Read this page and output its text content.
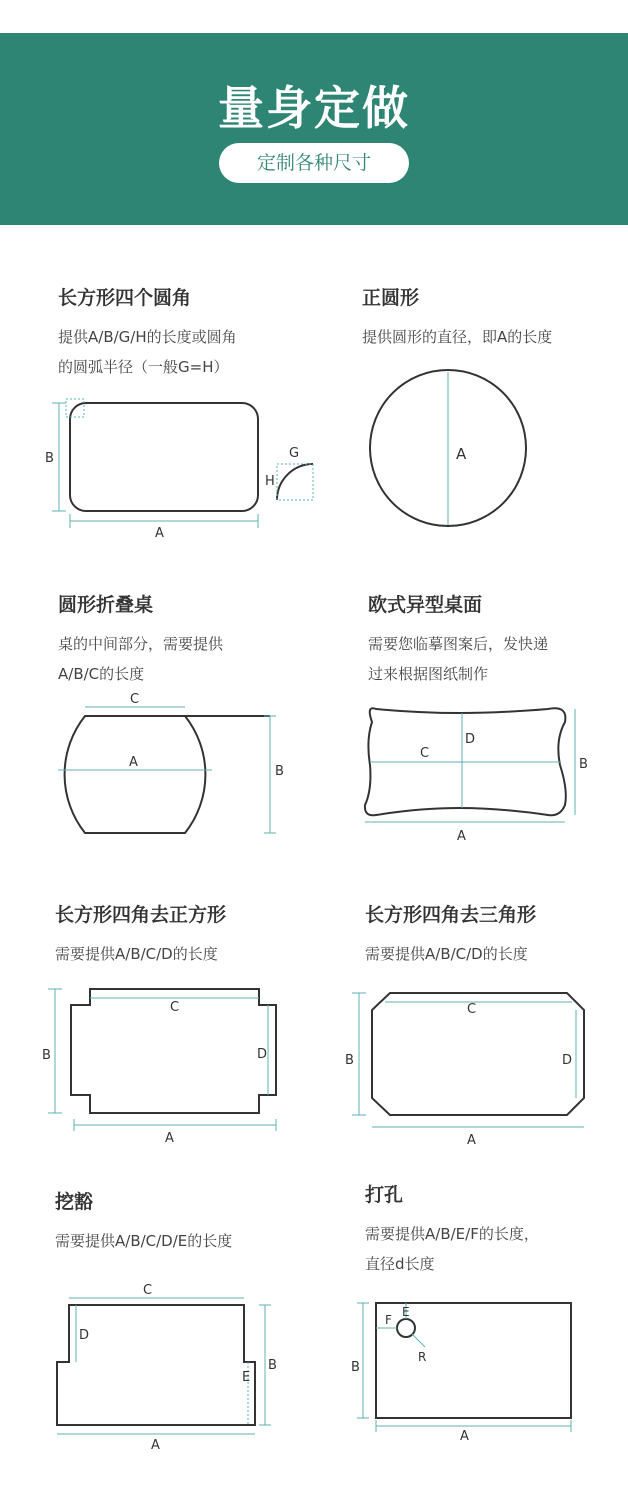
量身定做
定制各种尺寸
长方形四个圆角
提供A/B/G/H的长度或圆角
的圆弧半径（一般G=H）
正圆形
提供圆形的直径，即A的长度
圆形折叠桌
桌的中间部分，需要提供
A/B/C的长度
欧式异型桌面
需要您临摹图案后，发快递
过来根据图纸制作
长方形四角去正方形
需要提供A/B/C/D的长度
长方形四角去三角形
需要提供A/B/C/D的长度
挖豁
需要提供A/B/C/D/E的长度
打孔
需要提供A/B/E/F的长度，
直径d长度
A
B	G
H
A
C
A
B
C
D
B
A
C
D
B
A
C
D
B
A
C
D
E
B
A
E
F
R
B
A
